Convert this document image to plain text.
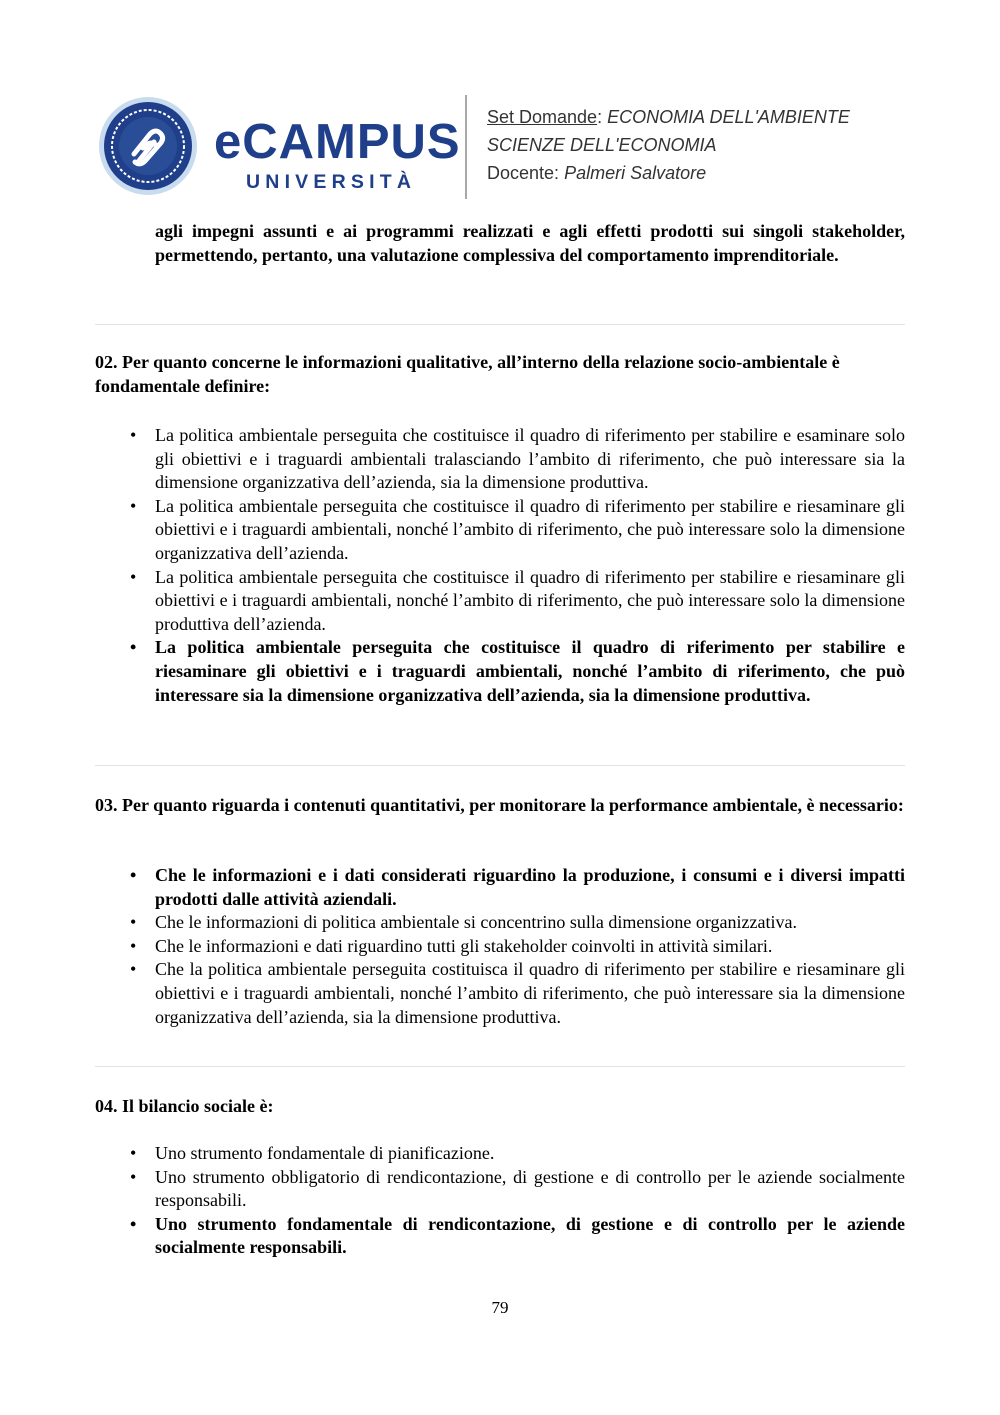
eCAMPUS
UNIVERSITÀ
Set Domande: ECONOMIA DELL'AMBIENTE
SCIENZE DELL'ECONOMIA
Docente: Palmeri Salvatore
agli impegni assunti e ai programmi realizzati e agli effetti prodotti sui singoli stakeholder, permettendo, pertanto, una valutazione complessiva del comportamento imprenditoriale.
02. Per quanto concerne le informazioni qualitative, all’interno della relazione socio-ambientale è fondamentale definire:
• La politica ambientale perseguita che costituisce il quadro di riferimento per stabilire e esaminare solo gli obiettivi e i traguardi ambientali tralasciando l’ambito di riferimento, che può interessare sia la dimensione organizzativa dell’azienda, sia la dimensione produttiva.
• La politica ambientale perseguita che costituisce il quadro di riferimento per stabilire e riesaminare gli obiettivi e i traguardi ambientali, nonché l’ambito di riferimento, che può interessare solo la dimensione organizzativa dell’azienda.
• La politica ambientale perseguita che costituisce il quadro di riferimento per stabilire e riesaminare gli obiettivi e i traguardi ambientali, nonché l’ambito di riferimento, che può interessare solo la dimensione produttiva dell’azienda.
• La politica ambientale perseguita che costituisce il quadro di riferimento per stabilire e riesaminare gli obiettivi e i traguardi ambientali, nonché l’ambito di riferimento, che può interessare sia la dimensione organizzativa dell’azienda, sia la dimensione produttiva.
03. Per quanto riguarda i contenuti quantitativi, per monitorare la performance ambientale, è necessario:
• Che le informazioni e i dati considerati riguardino la produzione, i consumi e i diversi impatti prodotti dalle attività aziendali.
• Che le informazioni di politica ambientale si concentrino sulla dimensione organizzativa.
• Che le informazioni e dati riguardino tutti gli stakeholder coinvolti in attività similari.
• Che la politica ambientale perseguita costituisca il quadro di riferimento per stabilire e riesaminare gli obiettivi e i traguardi ambientali, nonché l’ambito di riferimento, che può interessare sia la dimensione organizzativa dell’azienda, sia la dimensione produttiva.
04. Il bilancio sociale è:
• Uno strumento fondamentale di pianificazione.
• Uno strumento obbligatorio di rendicontazione, di gestione e di controllo per le aziende socialmente responsabili.
• Uno strumento fondamentale di rendicontazione, di gestione e di controllo per le aziende socialmente responsabili.
79
